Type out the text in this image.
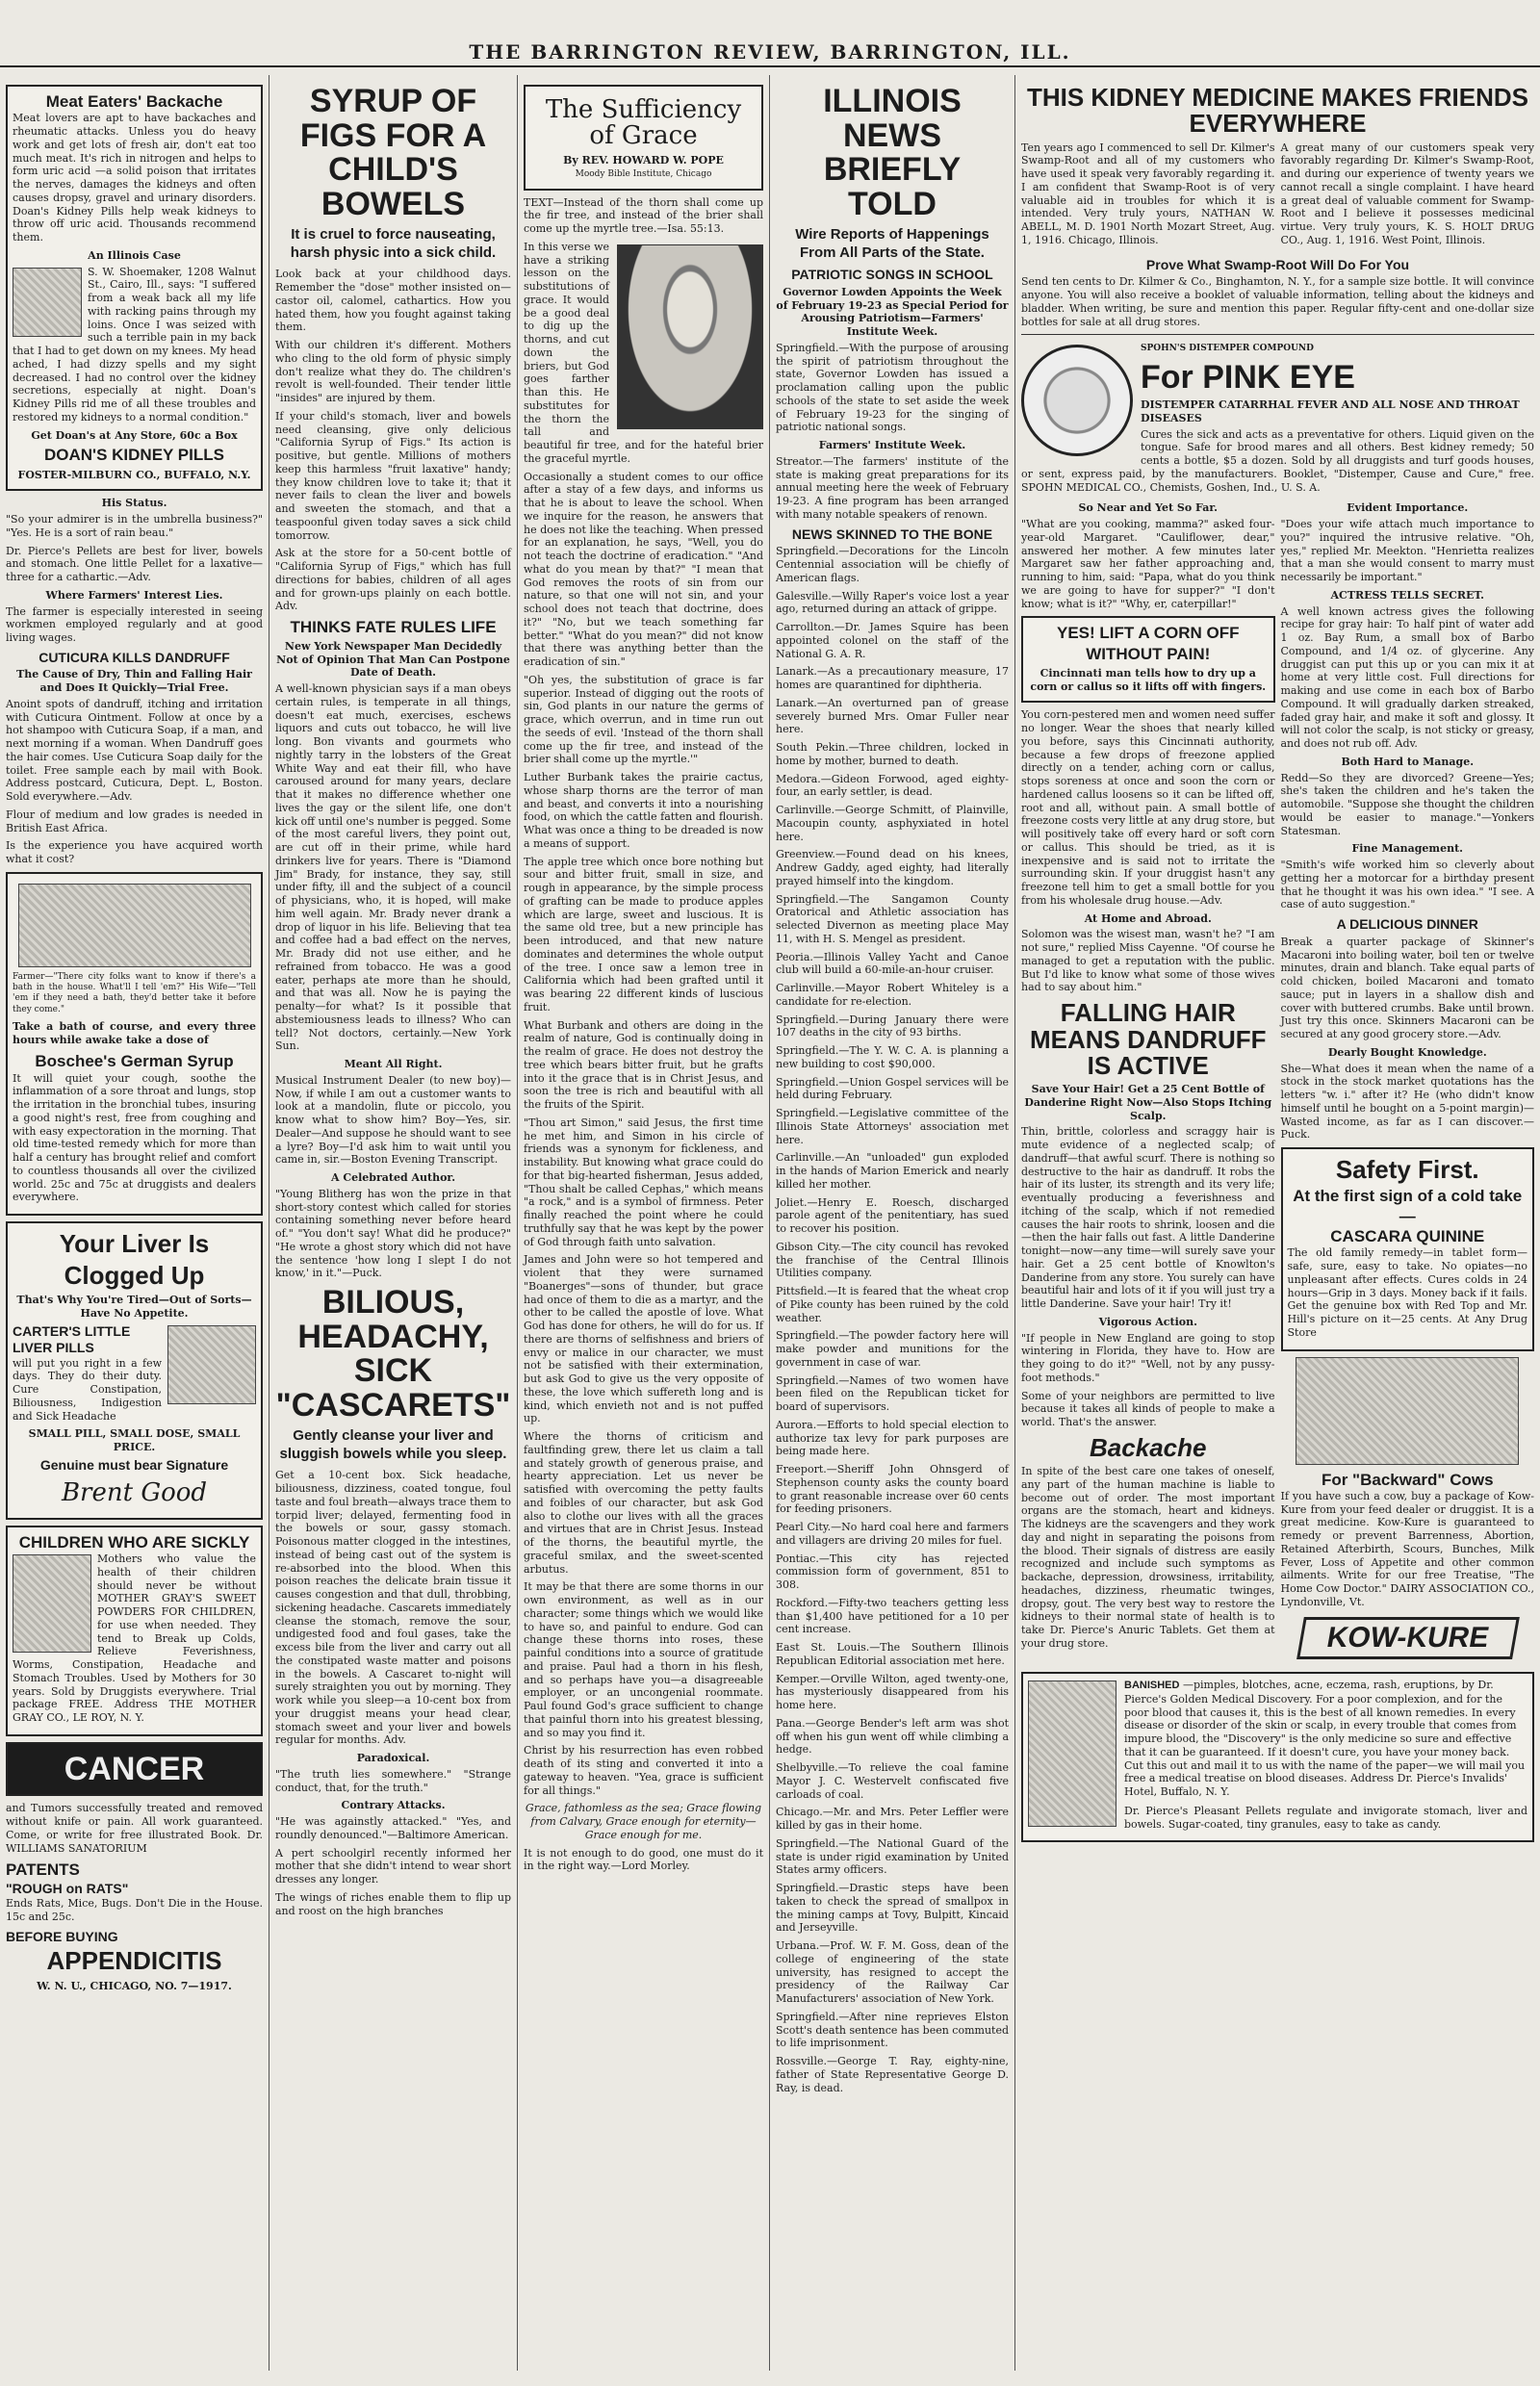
THE BARRINGTON REVIEW, BARRINGTON, ILL.
Meat Eaters' Backache

Meat lovers are apt to have backaches and rheumatic attacks. Unless you do heavy work and get lots of fresh air, don't eat too much meat. It's rich in nitrogen and helps to form uric acid —a solid poison that irritates the nerves, damages the kidneys and often causes dropsy, gravel and urinary disorders. Doan's Kidney Pills help weak kidneys to throw off uric acid. Thousands recommend them.

An Illinois Case

S. W. Shoemaker, 1208 Walnut St., Cairo, Ill., says: "I suffered from a weak back all my life with racking pains through my loins. Once I was seized with such a terrible pain in my back that I had to get down on my knees. My head ached, I had dizzy spells and my sight decreased. I had no control over the kidney secretions, especially at night. Doan's Kidney Pills rid me of all these troubles and restored my kidneys to a normal condition."

Get Doan's at Any Store, 60c a Box
DOAN'S KIDNEY PILLS
FOSTER-MILBURN CO., BUFFALO, N.Y.
His Status.

"So your admirer is in the umbrella business?" "Yes. He is a sort of rain beau."

Dr. Pierce's Pellets are best for liver, bowels and stomach. One little Pellet for a laxative—three for a cathartic.—Adv.

Where Farmers' Interest Lies.

The farmer is especially interested in seeing workmen employed regularly and at good living wages.

CUTICURA KILLS DANDRUFF
The Cause of Dry, Thin and Falling Hair and Does It Quickly—Trial Free.

Anoint spots of dandruff, itching and irritation with Cuticura Ointment. Follow at once by a hot shampoo with Cuticura Soap, if a man, and next morning if a woman. When Dandruff goes the hair comes. Use Cuticura Soap daily for the toilet. Free sample each by mail with Book. Address postcard, Cuticura, Dept. L, Boston. Sold everywhere.—Adv.

Flour of medium and low grades is needed in British East Africa.

Is the experience you have acquired worth what it cost?

Farmer—"There city folks want to know if there's a bath in the house. What'll I tell 'em?" His Wife—"Tell 'em if they need a bath, they'd better take it before they come."

Take a bath of course, and every three hours while awake take a dose of

Boschee's German Syrup

It will quiet your cough, soothe the inflammation of a sore throat and lungs, stop the irritation in the bronchial tubes, insuring a good night's rest, free from coughing and with easy expectoration in the morning. That old time-tested remedy which for more than half a century has brought relief and comfort to countless thousands all over the civilized world. 25c and 75c at druggists and dealers everywhere.

Your Liver Is Clogged Up
That's Why You're Tired—Out of Sorts—Have No Appetite.
CARTER'S LITTLE LIVER PILLS

will put you right in a few days. They do their duty. Cure Constipation, Biliousness, Indigestion and Sick Headache

SMALL PILL, SMALL DOSE, SMALL PRICE.
Genuine must bear Signature
Brent Good
CHILDREN WHO ARE SICKLY

Mothers who value the health of their children should never be without MOTHER GRAY'S SWEET POWDERS FOR CHILDREN, for use when needed. They tend to Break up Colds, Relieve Feverishness, Worms, Constipation, Headache and Stomach Troubles. Used by Mothers for 30 years. Sold by Druggists everywhere. Trial package FREE. Address THE MOTHER GRAY CO., LE ROY, N. Y.

CANCER

and Tumors successfully treated and removed without knife or pain. All work guaranteed. Come, or write for free illustrated Book. Dr. WILLIAMS SANATORIUM

PATENTS
"ROUGH on RATS"

Ends Rats, Mice, Bugs. Don't Die in the House. 15c and 25c.

BEFORE BUYING
APPENDICITIS
W. N. U., CHICAGO, NO. 7—1917.
SYRUP OF FIGS FOR A CHILD'S BOWELS
It is cruel to force nauseating, harsh physic into a sick child.

Look back at your childhood days. Remember the "dose" mother insisted on—castor oil, calomel, cathartics. How you hated them, how you fought against taking them.

With our children it's different. Mothers who cling to the old form of physic simply don't realize what they do. The children's revolt is well-founded. Their tender little "insides" are injured by them.

If your child's stomach, liver and bowels need cleansing, give only delicious "California Syrup of Figs." Its action is positive, but gentle. Millions of mothers keep this harmless "fruit laxative" handy; they know children love to take it; that it never fails to clean the liver and bowels and sweeten the stomach, and that a teaspoonful given today saves a sick child tomorrow.

Ask at the store for a 50-cent bottle of "California Syrup of Figs," which has full directions for babies, children of all ages and for grown-ups plainly on each bottle. Adv.

THINKS FATE RULES LIFE
New York Newspaper Man Decidedly Not of Opinion That Man Can Postpone Date of Death.

A well-known physician says if a man obeys certain rules, is temperate in all things, doesn't eat much, exercises, eschews liquors and cuts out tobacco, he will live long. Bon vivants and gourmets who nightly tarry in the lobsters of the Great White Way and eat their fill, who have caroused around for many years, declare that it makes no difference whether one lives the gay or the silent life, one don't kick off until one's number is pegged. Some of the most careful livers, they point out, are cut off in their prime, while hard drinkers live for years. There is "Diamond Jim" Brady, for instance, they say, still under fifty, ill and the subject of a council of physicians, who, it is hoped, will make him well again. Mr. Brady never drank a drop of liquor in his life. Believing that tea and coffee had a bad effect on the nerves, Mr. Brady did not use either, and he refrained from tobacco. He was a good eater, perhaps ate more than he should, and that was all. Now he is paying the penalty—for what? Is it possible that abstemiousness leads to illness? Who can tell? Not doctors, certainly.—New York Sun.

Meant All Right.

Musical Instrument Dealer (to new boy)—Now, if while I am out a customer wants to look at a mandolin, flute or piccolo, you know what to show him? Boy—Yes, sir. Dealer—And suppose he should want to see a lyre? Boy—I'd ask him to wait until you came in, sir.—Boston Evening Transcript.

A Celebrated Author.

"Young Blitherg has won the prize in that short-story contest which called for stories containing something never before heard of." "You don't say! What did he produce?" "He wrote a ghost story which did not have the sentence 'how long I slept I do not know,' in it."—Puck.

BILIOUS, HEADACHY, SICK "CASCARETS"
Gently cleanse your liver and sluggish bowels while you sleep.

Get a 10-cent box. Sick headache, biliousness, dizziness, coated tongue, foul taste and foul breath—always trace them to torpid liver; delayed, fermenting food in the bowels or sour, gassy stomach. Poisonous matter clogged in the intestines, instead of being cast out of the system is re-absorbed into the blood. When this poison reaches the delicate brain tissue it causes congestion and that dull, throbbing, sickening headache. Cascarets immediately cleanse the stomach, remove the sour, undigested food and foul gases, take the excess bile from the liver and carry out all the constipated waste matter and poisons in the bowels. A Cascaret to-night will surely straighten you out by morning. They work while you sleep—a 10-cent box from your druggist means your head clear, stomach sweet and your liver and bowels regular for months. Adv.

Paradoxical.

"The truth lies somewhere." "Strange conduct, that, for the truth."

Contrary Attacks.

"He was againstly attacked." "Yes, and roundly denounced."—Baltimore American.

A pert schoolgirl recently informed her mother that she didn't intend to wear short dresses any longer.

The wings of riches enable them to flip up and roost on the high branches

The Sufficiency of Grace
By REV. HOWARD W. POPE
Moody Bible Institute, Chicago

TEXT—Instead of the thorn shall come up the fir tree, and instead of the brier shall come up the myrtle tree.—Isa. 55:13.

In this verse we have a striking lesson on the substitutions of grace. It would be a good deal to dig up the thorns, and cut down the briers, but God goes farther than this. He substitutes for the thorn the tall and beautiful fir tree, and for the hateful brier the graceful myrtle.

Occasionally a student comes to our office after a stay of a few days, and informs us that he is about to leave the school. When we inquire for the reason, he answers that he does not like the teaching. When pressed for an explanation, he says, "Well, you do not teach the doctrine of eradication." "And what do you mean by that?" "I mean that God removes the roots of sin from our nature, so that one will not sin, and your school does not teach that doctrine, does it?" "No, but we teach something far better." "What do you mean?" did not know that there was anything better than the eradication of sin."

"Oh yes, the substitution of grace is far superior. Instead of digging out the roots of sin, God plants in our nature the germs of grace, which overrun, and in time run out the seeds of evil. 'Instead of the thorn shall come up the fir tree, and instead of the brier shall come up the myrtle.'"

Luther Burbank takes the prairie cactus, whose sharp thorns are the terror of man and beast, and converts it into a nourishing food, on which the cattle fatten and flourish. What was once a thing to be dreaded is now a means of support.

The apple tree which once bore nothing but sour and bitter fruit, small in size, and rough in appearance, by the simple process of grafting can be made to produce apples which are large, sweet and luscious. It is the same old tree, but a new principle has been introduced, and that new nature dominates and determines the whole output of the tree. I once saw a lemon tree in California which had been grafted until it was bearing 22 different kinds of luscious fruit.

What Burbank and others are doing in the realm of nature, God is continually doing in the realm of grace. He does not destroy the tree which bears bitter fruit, but he grafts into it the grace that is in Christ Jesus, and soon the tree is rich and beautiful with all the fruits of the Spirit.

"Thou art Simon," said Jesus, the first time he met him, and Simon in his circle of friends was a synonym for fickleness, and instability. But knowing what grace could do for that big-hearted fisherman, Jesus added, "Thou shalt be called Cephas," which means "a rock," and is a symbol of firmness. Peter finally reached the point where he could truthfully say that he was kept by the power of God through faith unto salvation.

James and John were so hot tempered and violent that they were surnamed "Boanerges"—sons of thunder, but grace had once of them to die as a martyr, and the other to be called the apostle of love. What God has done for others, he will do for us. If there are thorns of selfishness and briers of envy or malice in our character, we must not be satisfied with their extermination, but ask God to give us the very opposite of these, the love which suffereth long and is kind, which envieth not and is not puffed up.

Where the thorns of criticism and faultfinding grew, there let us claim a tall and stately growth of generous praise, and hearty appreciation. Let us never be satisfied with overcoming the petty faults and foibles of our character, but ask God also to clothe our lives with all the graces and virtues that are in Christ Jesus. Instead of the thorns, the beautiful myrtle, the graceful smilax, and the sweet-scented arbutus.

It may be that there are some thorns in our own environment, as well as in our character; some things which we would like to have so, and painful to endure. God can change these thorns into roses, these painful conditions into a source of gratitude and praise. Paul had a thorn in his flesh, and so perhaps have you—a disagreeable employer, or an uncongenial roommate. Paul found God's grace sufficient to change that painful thorn into his greatest blessing, and so may you find it.

Christ by his resurrection has even robbed death of its sting and converted it into a gateway to heaven. "Yea, grace is sufficient for all things."

Grace, fathomless as the sea; Grace flowing from Calvary, Grace enough for eternity— Grace enough for me.

It is not enough to do good, one must do it in the right way.—Lord Morley.

ILLINOIS NEWS BRIEFLY TOLD
Wire Reports of Happenings From All Parts of the State.
PATRIOTIC SONGS IN SCHOOL
Governor Lowden Appoints the Week of February 19-23 as Special Period for Arousing Patriotism—Farmers' Institute Week.

Springfield.—With the purpose of arousing the spirit of patriotism throughout the state, Governor Lowden has issued a proclamation calling upon the public schools of the state to set aside the week of February 19-23 for the singing of patriotic national songs.

Farmers' Institute Week.

Streator.—The farmers' institute of the state is making great preparations for its annual meeting here the week of February 19-23. A fine program has been arranged with many notable speakers of renown.

NEWS SKINNED TO THE BONE

Springfield.—Decorations for the Lincoln Centennial association will be chiefly of American flags.

Galesville.—Willy Raper's voice lost a year ago, returned during an attack of grippe.

Carrollton.—Dr. James Squire has been appointed colonel on the staff of the National G. A. R.

Lanark.—As a precautionary measure, 17 homes are quarantined for diphtheria.

Lanark.—An overturned pan of grease severely burned Mrs. Omar Fuller near here.

South Pekin.—Three children, locked in home by mother, burned to death.

Medora.—Gideon Forwood, aged eighty-four, an early settler, is dead.

Carlinville.—George Schmitt, of Plainville, Macoupin county, asphyxiated in hotel here.

Greenview.—Found dead on his knees, Andrew Gaddy, aged eighty, had literally prayed himself into the kingdom.

Springfield.—The Sangamon County Oratorical and Athletic association has selected Divernon as meeting place May 11, with H. S. Mengel as president.

Peoria.—Illinois Valley Yacht and Canoe club will build a 60-mile-an-hour cruiser.

Carlinville.—Mayor Robert Whiteley is a candidate for re-election.

Springfield.—During January there were 107 deaths in the city of 93 births.

Springfield.—The Y. W. C. A. is planning a new building to cost $90,000.

Springfield.—Union Gospel services will be held during February.

Springfield.—Legislative committee of the Illinois State Attorneys' association met here.

Carlinville.—An "unloaded" gun exploded in the hands of Marion Emerick and nearly killed her mother.

Joliet.—Henry E. Roesch, discharged parole agent of the penitentiary, has sued to recover his position.

Gibson City.—The city council has revoked the franchise of the Central Illinois Utilities company.

Pittsfield.—It is feared that the wheat crop of Pike county has been ruined by the cold weather.

Springfield.—The powder factory here will make powder and munitions for the government in case of war.

Springfield.—Names of two women have been filed on the Republican ticket for board of supervisors.

Aurora.—Efforts to hold special election to authorize tax levy for park purposes are being made here.

Freeport.—Sheriff John Ohnsgerd of Stephenson county asks the county board to grant reasonable increase over 60 cents for feeding prisoners.

Pearl City.—No hard coal here and farmers and villagers are driving 20 miles for fuel.

Pontiac.—This city has rejected commission form of government, 851 to 308.

Rockford.—Fifty-two teachers getting less than $1,400 have petitioned for a 10 per cent increase.

East St. Louis.—The Southern Illinois Republican Editorial association met here.

Kemper.—Orville Wilton, aged twenty-one, has mysteriously disappeared from his home here.

Pana.—George Bender's left arm was shot off when his gun went off while climbing a hedge.

Shelbyville.—To relieve the coal famine Mayor J. C. Westervelt confiscated five carloads of coal.

Chicago.—Mr. and Mrs. Peter Leffler were killed by gas in their home.

Springfield.—The National Guard of the state is under rigid examination by United States army officers.

Springfield.—Drastic steps have been taken to check the spread of smallpox in the mining camps at Tovy, Bulpitt, Kincaid and Jerseyville.

Urbana.—Prof. W. F. M. Goss, dean of the college of engineering of the state university, has resigned to accept the presidency of the Railway Car Manufacturers' association of New York.

Springfield.—After nine reprieves Elston Scott's death sentence has been commuted to life imprisonment.

Rossville.—George T. Ray, eighty-nine, father of State Representative George D. Ray, is dead.

THIS KIDNEY MEDICINE MAKES FRIENDS EVERYWHERE

Ten years ago I commenced to sell Dr. Kilmer's Swamp-Root and all of my customers who have used it speak very favorably regarding it. I am confident that Swamp-Root is of very valuable aid in troubles for which it is intended. Very truly yours, NATHAN W. ABELL, M. D. 1901 North Mozart Street, Aug. 1, 1916. Chicago, Illinois.

A great many of our customers speak very favorably regarding Dr. Kilmer's Swamp-Root, and during our experience of twenty years we cannot recall a single complaint. I have heard a great deal of valuable comment for Swamp-Root and I believe it possesses medicinal virtue. Very truly yours, K. S. HOLT DRUG CO., Aug. 1, 1916. West Point, Illinois.

Prove What Swamp-Root Will Do For You

Send ten cents to Dr. Kilmer & Co., Binghamton, N. Y., for a sample size bottle. It will convince anyone. You will also receive a booklet of valuable information, telling about the kidneys and bladder. When writing, be sure and mention this paper. Regular fifty-cent and one-dollar size bottles for sale at all drug stores.

SPOHN'S DISTEMPER COMPOUND
For PINK EYE
DISTEMPER CATARRHAL FEVER AND ALL NOSE AND THROAT DISEASES

Cures the sick and acts as a preventative for others. Liquid given on the tongue. Safe for brood mares and all others. Best kidney remedy; 50 cents a bottle, $5 a dozen. Sold by all druggists and turf goods houses, or sent, express paid, by the manufacturers. Booklet, "Distemper, Cause and Cure," free. SPOHN MEDICAL CO., Chemists, Goshen, Ind., U. S. A.

So Near and Yet So Far.

"What are you cooking, mamma?" asked four-year-old Margaret. "Cauliflower, dear," answered her mother. A few minutes later Margaret saw her father approaching and, running to him, said: "Papa, what do you think we are going to have for supper?" "I don't know; what is it?" "Why, er, caterpillar!"

YES! LIFT A CORN OFF WITHOUT PAIN!
Cincinnati man tells how to dry up a corn or callus so it lifts off with fingers.

You corn-pestered men and women need suffer no longer. Wear the shoes that nearly killed you before, says this Cincinnati authority, because a few drops of freezone applied directly on a tender, aching corn or callus, stops soreness at once and soon the corn or hardened callus loosens so it can be lifted off, root and all, without pain. A small bottle of freezone costs very little at any drug store, but will positively take off every hard or soft corn or callus. This should be tried, as it is inexpensive and is said not to irritate the surrounding skin. If your druggist hasn't any freezone tell him to get a small bottle for you from his wholesale drug house.—Adv.

At Home and Abroad.

Solomon was the wisest man, wasn't he? "I am not sure," replied Miss Cayenne. "Of course he managed to get a reputation with the public. But I'd like to know what some of those wives had to say about him."

FALLING HAIR MEANS DANDRUFF IS ACTIVE
Save Your Hair! Get a 25 Cent Bottle of Danderine Right Now—Also Stops Itching Scalp.

Thin, brittle, colorless and scraggy hair is mute evidence of a neglected scalp; of dandruff—that awful scurf. There is nothing so destructive to the hair as dandruff. It robs the hair of its luster, its strength and its very life; eventually producing a feverishness and itching of the scalp, which if not remedied causes the hair roots to shrink, loosen and die—then the hair falls out fast. A little Danderine tonight—now—any time—will surely save your hair. Get a 25 cent bottle of Knowlton's Danderine from any store. You surely can have beautiful hair and lots of it if you will just try a little Danderine. Save your hair! Try it!

Vigorous Action.

"If people in New England are going to stop wintering in Florida, they have to. How are they going to do it?" "Well, not by any pussy-foot methods."

Some of your neighbors are permitted to live because it takes all kinds of people to make a world. That's the answer.

Backache

In spite of the best care one takes of oneself, any part of the human machine is liable to become out of order. The most important organs are the stomach, heart and kidneys. The kidneys are the scavengers and they work day and night in separating the poisons from the blood. Their signals of distress are easily recognized and include such symptoms as backache, depression, drowsiness, irritability, headaches, dizziness, rheumatic twinges, dropsy, gout. The very best way to restore the kidneys to their normal state of health is to take Dr. Pierce's Anuric Tablets. Get them at your drug store.

Evident Importance.

"Does your wife attach much importance to you?" inquired the intrusive relative. "Oh, yes," replied Mr. Meekton. "Henrietta realizes that a man she would consent to marry must necessarily be important."

ACTRESS TELLS SECRET.

A well known actress gives the following recipe for gray hair: To half pint of water add 1 oz. Bay Rum, a small box of Barbo Compound, and 1/4 oz. of glycerine. Any druggist can put this up or you can mix it at home at very little cost. Full directions for making and use come in each box of Barbo Compound. It will gradually darken streaked, faded gray hair, and make it soft and glossy. It will not color the scalp, is not sticky or greasy, and does not rub off. Adv.

Both Hard to Manage.

Redd—So they are divorced? Greene—Yes; she's taken the children and he's taken the automobile. "Suppose she thought the children would be easier to manage."—Yonkers Statesman.

Fine Management.

"Smith's wife worked him so cleverly about getting her a motorcar for a birthday present that he thought it was his own idea." "I see. A case of auto suggestion."

A DELICIOUS DINNER

Break a quarter package of Skinner's Macaroni into boiling water, boil ten or twelve minutes, drain and blanch. Take equal parts of cold chicken, boiled Macaroni and tomato sauce; put in layers in a shallow dish and cover with buttered crumbs. Bake until brown. Just try this once. Skinners Macaroni can be secured at any good grocery store.—Adv.

Dearly Bought Knowledge.

She—What does it mean when the name of a stock in the stock market quotations has the letters "w. i." after it? He (who didn't know himself until he bought on a 5-point margin)—Wasted income, as far as I can discover.—Puck.

Safety First.
At the first sign of a cold take—
CASCARA QUININE

The old family remedy—in tablet form—safe, sure, easy to take. No opiates—no unpleasant after effects. Cures colds in 24 hours—Grip in 3 days. Money back if it fails. Get the genuine box with Red Top and Mr. Hill's picture on it—25 cents. At Any Drug Store

For "Backward" Cows

If you have such a cow, buy a package of Kow-Kure from your feed dealer or druggist. It is a great medicine. Kow-Kure is guaranteed to remedy or prevent Barrenness, Abortion, Retained Afterbirth, Scours, Bunches, Milk Fever, Loss of Appetite and other common ailments. Write for our free Treatise, "The Home Cow Doctor." DAIRY ASSOCIATION CO., Lyndonville, Vt.

KOW-KURE
BANISHED —pimples, blotches, acne, eczema, rash, eruptions, by Dr. Pierce's Golden Medical Discovery. For a poor complexion, and for the poor blood that causes it, this is the best of all known remedies. In every disease or disorder of the skin or scalp, in every trouble that comes from impure blood, the "Discovery" is the only medicine so sure and effective that it can be guaranteed. If it doesn't cure, you have your money back. Cut this out and mail it to us with the name of the paper—we will mail you free a medical treatise on blood diseases. Address Dr. Pierce's Invalids' Hotel, Buffalo, N. Y.

Dr. Pierce's Pleasant Pellets regulate and invigorate stomach, liver and bowels. Sugar-coated, tiny granules, easy to take as candy.
